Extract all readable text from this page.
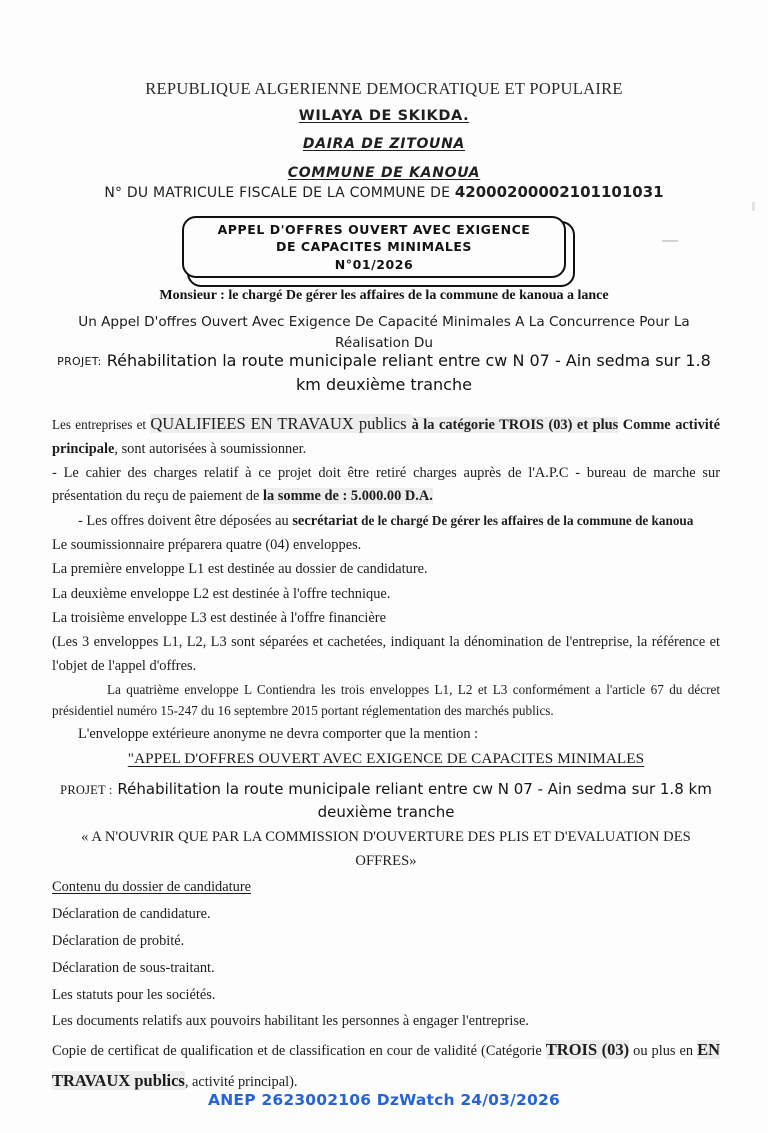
REPUBLIQUE ALGERIENNE DEMOCRATIQUE ET POPULAIRE
WILAYA DE SKIKDA.
DAIRA DE ZITOUNA
COMMUNE DE KANOUA
N° DU MATRICULE FISCALE DE LA COMMUNE DE 42000200002101101031
APPEL D'OFFRES OUVERT AVEC EXIGENCE
DE CAPACITES MINIMALES
N°01/2026
Monsieur : le chargé De gérer les affaires de la commune de kanoua a lance
Un Appel D'offres Ouvert Avec Exigence De Capacité Minimales A La Concurrence Pour La Réalisation Du
PROJET: Réhabilitation la route municipale reliant entre cw N 07 - Ain sedma sur 1.8 km deuxième tranche

Les entreprises et QUALIFIEES EN TRAVAUX publics à la catégorie TROIS (03) et plus Comme activité principale, sont autorisées à soumissionner.

- Le cahier des charges relatif à ce projet doit être retiré charges auprès de l'A.P.C - bureau de marche sur présentation du reçu de paiement de la somme de : 5.000.00 D.A.

- Les offres doivent être déposées au secrétariat de le chargé De gérer les affaires de la commune de kanoua

Le soumissionnaire préparera quatre (04) enveloppes.

La première enveloppe L1 est destinée au dossier de candidature.

La deuxième enveloppe L2 est destinée à l'offre technique.

La troisième enveloppe L3 est destinée à l'offre financière

(Les 3 enveloppes L1, L2, L3 sont séparées et cachetées, indiquant la dénomination de l'entreprise, la référence et l'objet de l'appel d'offres.

La quatrième enveloppe L Contiendra les trois enveloppes L1, L2 et L3 conformément a l'article 67 du décret présidentiel numéro 15-247 du 16 septembre 2015 portant réglementation des marchés publics.

L'enveloppe extérieure anonyme ne devra comporter que la mention :

"APPEL D'OFFRES OUVERT AVEC EXIGENCE DE CAPACITES MINIMALES

PROJET : Réhabilitation la route municipale reliant entre cw N 07 - Ain sedma sur 1.8 km deuxième tranche

« A N'OUVRIR QUE PAR LA COMMISSION D'OUVERTURE DES PLIS ET D'EVALUATION DES OFFRES»

Contenu du dossier de candidature

Déclaration de candidature.

Déclaration de probité.

Déclaration de sous-traitant.

Les statuts pour les sociétés.

Les documents relatifs aux pouvoirs habilitant les personnes à engager l'entreprise.

Copie de certificat de qualification et de classification en cour de validité (Catégorie TROIS (03) ou plus en EN TRAVAUX publics, activité principal).

ANEP 2623002106 DzWatch 24/03/2026
